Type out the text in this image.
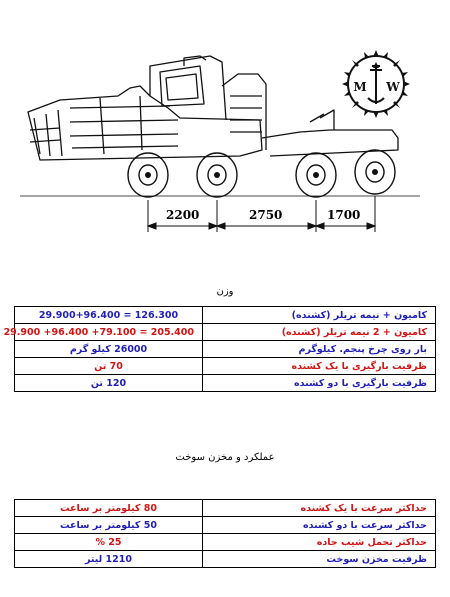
2200	2750	1700
M W
وزن
126.300 = 29.900+96.400	کامیون + نیمه تریلر (کشنده)
205.400 = 79.100+ 96.400+ 29.900	کامیون + 2 نیمه تریلر (کشنده)
26000 کیلو گرم	بار روی چرخ پنجم. کیلوگرم
70 تن	ظرفیت بارگیری با یک کشنده
120 تن	ظرفیت بارگیری با دو کشنده
عملکرد و مخزن سوخت
80 کیلومتر بر ساعت	حداکثر سرعت با یک کشنده
50 کیلومتر بر ساعت	حداکثر سرعت با دو کشنده
25 %	حداکثر تحمل شیب جاده
1210 لیتر	ظرفیت مخزن سوخت
